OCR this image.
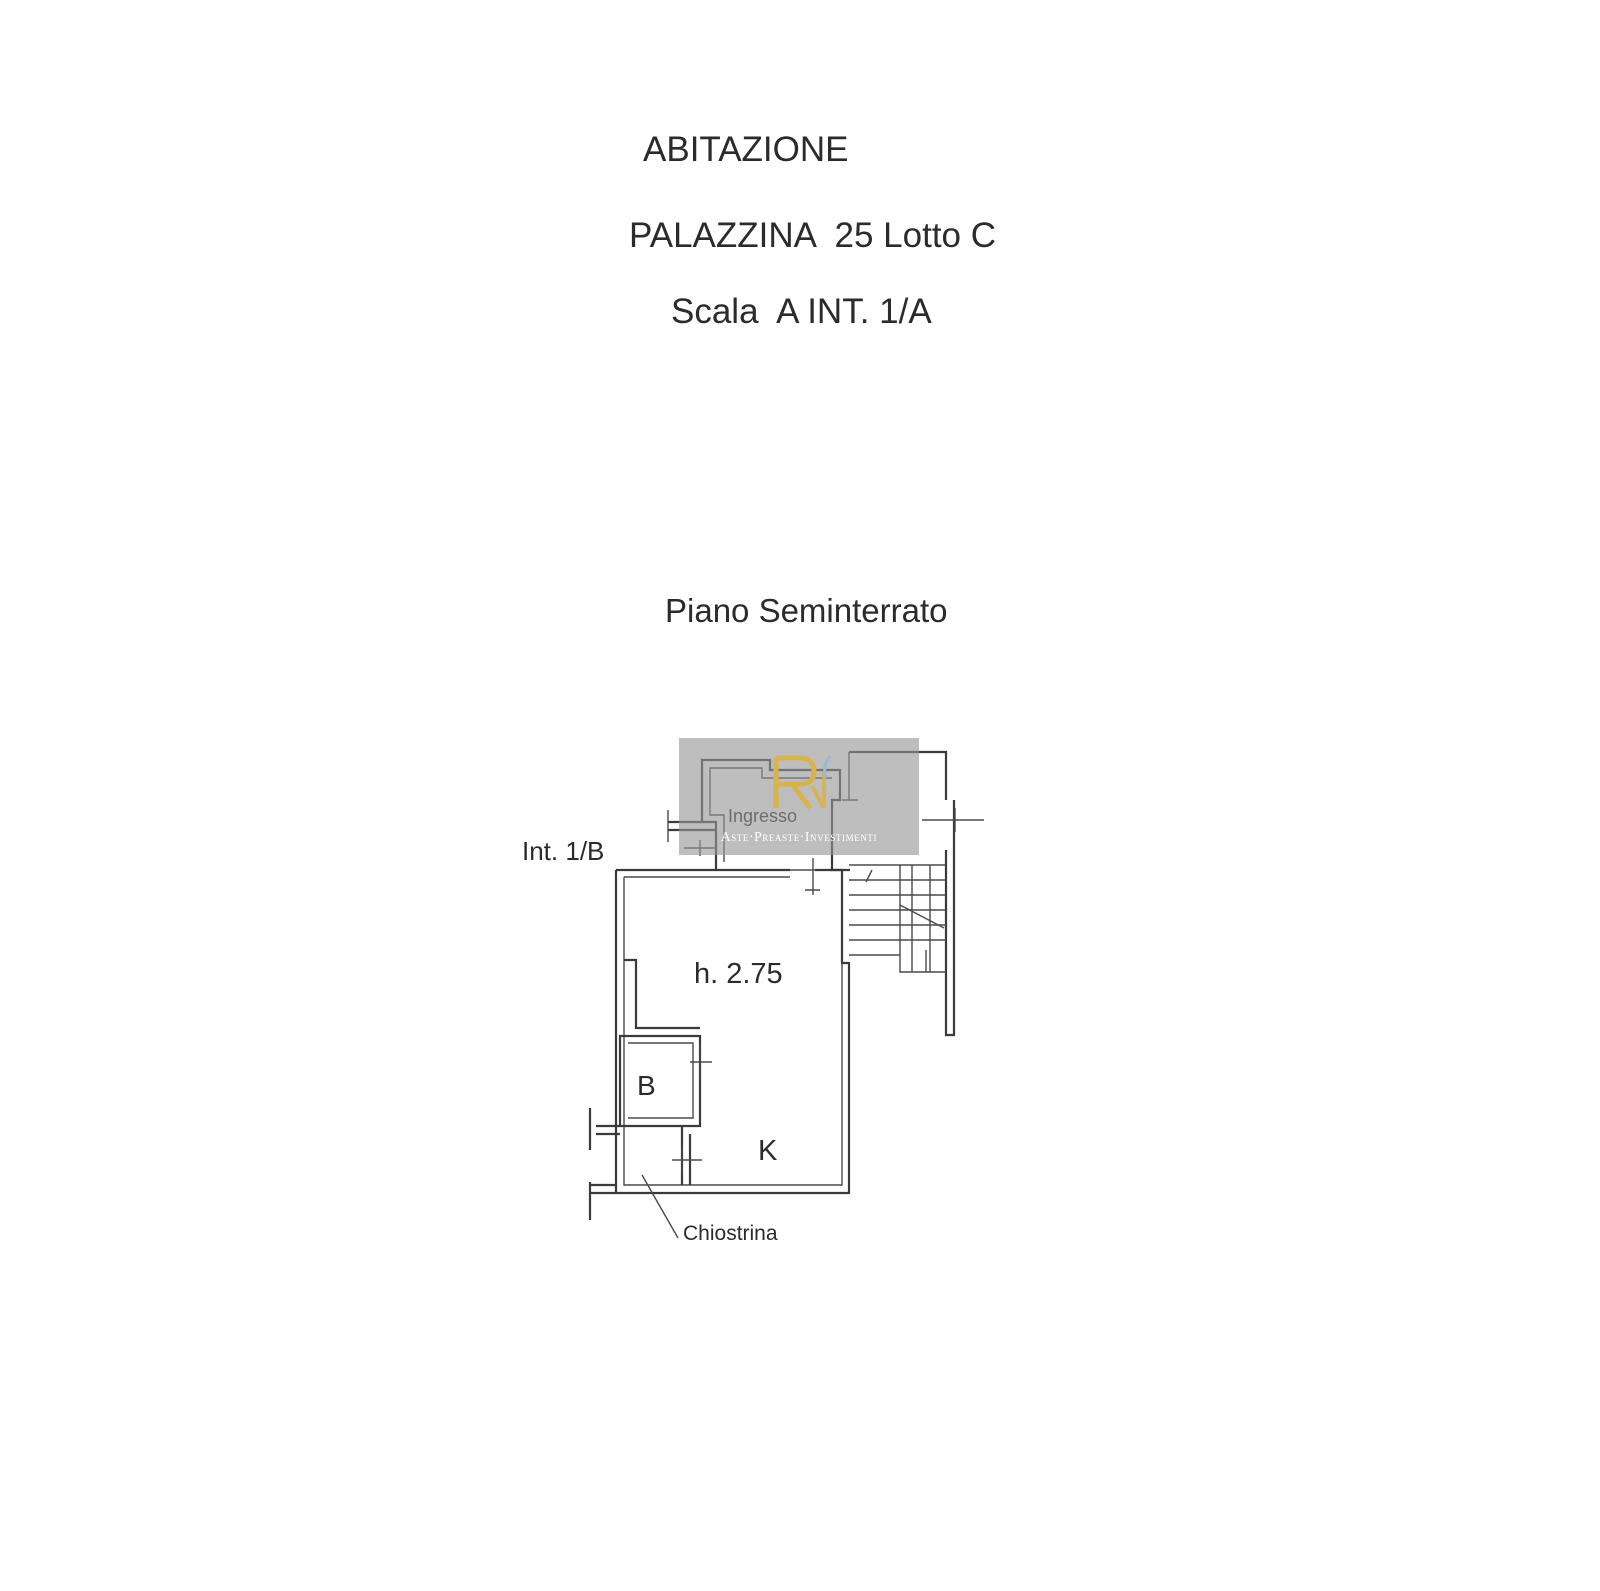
ABITAZIONE
PALAZZINA  25 Lotto C
Scala  A INT. 1/A
Piano Seminterrato
Int. 1/B
h. 2.75
B
K
Chiostrina
Aste·Preaste·Investimenti
